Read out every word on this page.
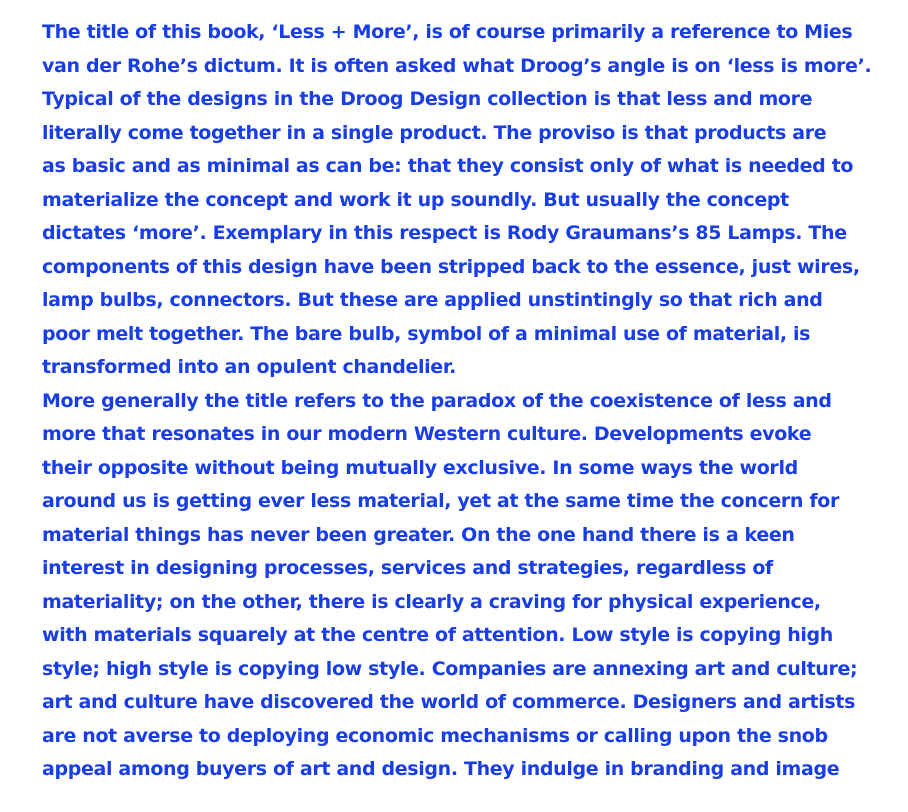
The title of this book, ‘Less + More’, is of course primarily a reference to Mies
van der Rohe’s dictum. It is often asked what Droog’s angle is on ‘less is more’.
Typical of the designs in the Droog Design collection is that less and more
literally come together in a single product. The proviso is that products are
as basic and as minimal as can be: that they consist only of what is needed to
materialize the concept and work it up soundly. But usually the concept
dictates ‘more’. Exemplary in this respect is Rody Graumans’s 85 Lamps. The
components of this design have been stripped back to the essence, just wires,
lamp bulbs, connectors. But these are applied unstintingly so that rich and
poor melt together. The bare bulb, symbol of a minimal use of material, is
transformed into an opulent chandelier.
More generally the title refers to the paradox of the coexistence of less and
more that resonates in our modern Western culture. Developments evoke
their opposite without being mutually exclusive. In some ways the world
around us is getting ever less material, yet at the same time the concern for
material things has never been greater. On the one hand there is a keen
interest in designing processes, services and strategies, regardless of
materiality; on the other, there is clearly a craving for physical experience,
with materials squarely at the centre of attention. Low style is copying high
style; high style is copying low style. Companies are annexing art and culture;
art and culture have discovered the world of commerce. Designers and artists
are not averse to deploying economic mechanisms or calling upon the snob
appeal among buyers of art and design. They indulge in branding and image
